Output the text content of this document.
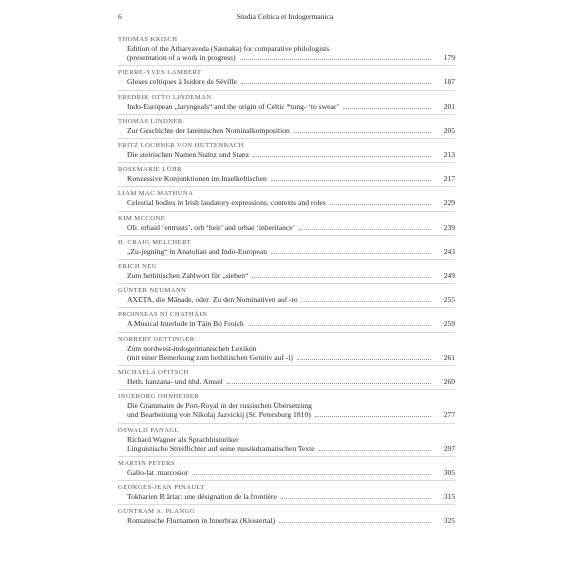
6	Studia Celtica et Indogermanica
THOMAS KRISCH
Edition of the Atharvaveda (Saunaka) for comparative philologists
(presentation of a work in progress)	179
PIERRE-YVES LAMBERT
Gloses celtiques à Isidore de Séville	187
FREDRIK OTTO LINDEMAN
Indo-European „laryngeals“ and the origin of Celtic *tung- ‘to swear’	201
THOMAS LINDNER
Zur Geschichte der lateinischen Nominalkomposition	205
FRITZ LOCHNER VON HÜTTENBACH
Die steirischen Namen Stainz und Stanz	213
ROSEMARIE LÜHR
Konzessive Konjunktionen im Inselkeltischen	217
LIAM MAC MATHÚNA
Celestial bodies in Irish laudatory expressions: contexts and roles	229
KIM MCCONE
OIr. erbaid ‘entrusts’, orb ‘heir’ and orbae ‘inheritance’	239
H. CRAIG MELCHERT
„Zu-jegning“ in Anatolian and Indo-European	243
ERICH NEU
Zum hethitischen Zahlwort für „sieben“	249
GÜNTER NEUMANN
AXETA, die Mänade, oder: Zu den Nominativen auf -to	255
PROINSEAS NÍ CHATHÁIN
A Musical Interlude in Táin Bó Froích	259
NORBERT OETTINGER
Zum nordwest-indogermanischen Lexikon
(mit einer Bemerkung zum hethitischen Genitiv auf -l)	261
MICHAELA OFITSCH
Heth. hanzana- und nhd. Amsel	269
INGEBORG OHNHEISER
Die Grammaire de Port-Royal in der russischen Übersetzung
und Bearbeitung von Nikolaj Jazvickij (St. Petersburg 1810)	277
OSWALD PANAGL
Richard Wagner als Sprachhistoriker
Linguistische Streiflichter auf seine musikdramatischen Texte	297
MARTIN PETERS
Gallo-lat. marcosior	305
GEORGES-JEAN PINAULT
Tokharien B ārtar: une désignation de la frontière	315
GUNTRAM A. PLANGG
Romanische Flurnamen in Innerbraz (Klostertal)	325
